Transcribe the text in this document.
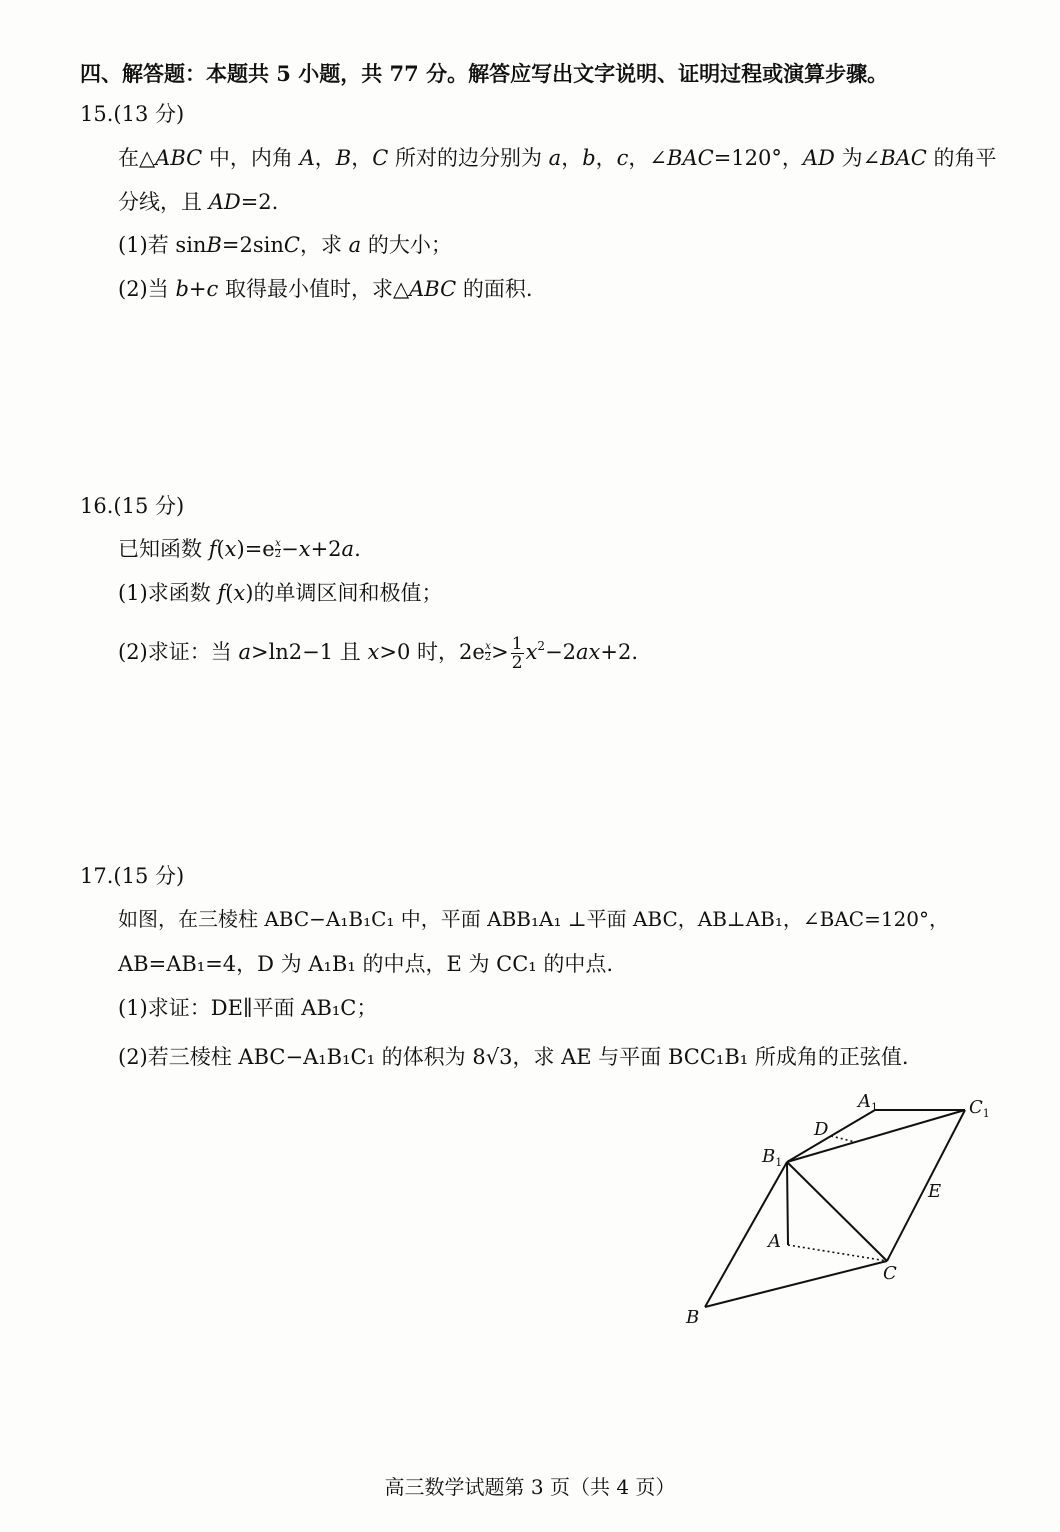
四、解答题：本题共 5 小题，共 77 分。解答应写出文字说明、证明过程或演算步骤。
15.(13 分)
在△ABC 中，内角 A，B，C 所对的边分别为 a，b，c，∠BAC=120°，AD 为∠BAC 的角平
分线，且 AD=2.
(1)若 sinB=2sinC，求 a 的大小；
(2)当 b+c 取得最小值时，求△ABC 的面积.
16.(15 分)
已知函数 $f(x)=e \frac{x}{2} -x+2a$.
(1)求函数 f(x)的单调区间和极值；
(2)求证：当 a>ln2−1 且 x>0 时，$2e \frac{x}{2} > \frac{1}{2} x^2-2ax+2$.
17.(15 分)
如图，在三棱柱 ABC−A₁B₁C₁ 中，平面 ABB₁A₁ ⊥平面 ABC，AB⊥AB₁，∠BAC=120°，
AB=AB₁=4，D 为 A₁B₁ 的中点，E 为 CC₁ 的中点.
(1)求证：DE∥平面 AB₁C；
(2)若三棱柱 ABC−A₁B₁C₁ 的体积为 8√3，求 AE 与平面 BCC₁B₁ 所成角的正弦值.
$A_1$	$C_1$
D
$B_1$
E
A
C
B
高三数学试题第 3 页（共 4 页）
